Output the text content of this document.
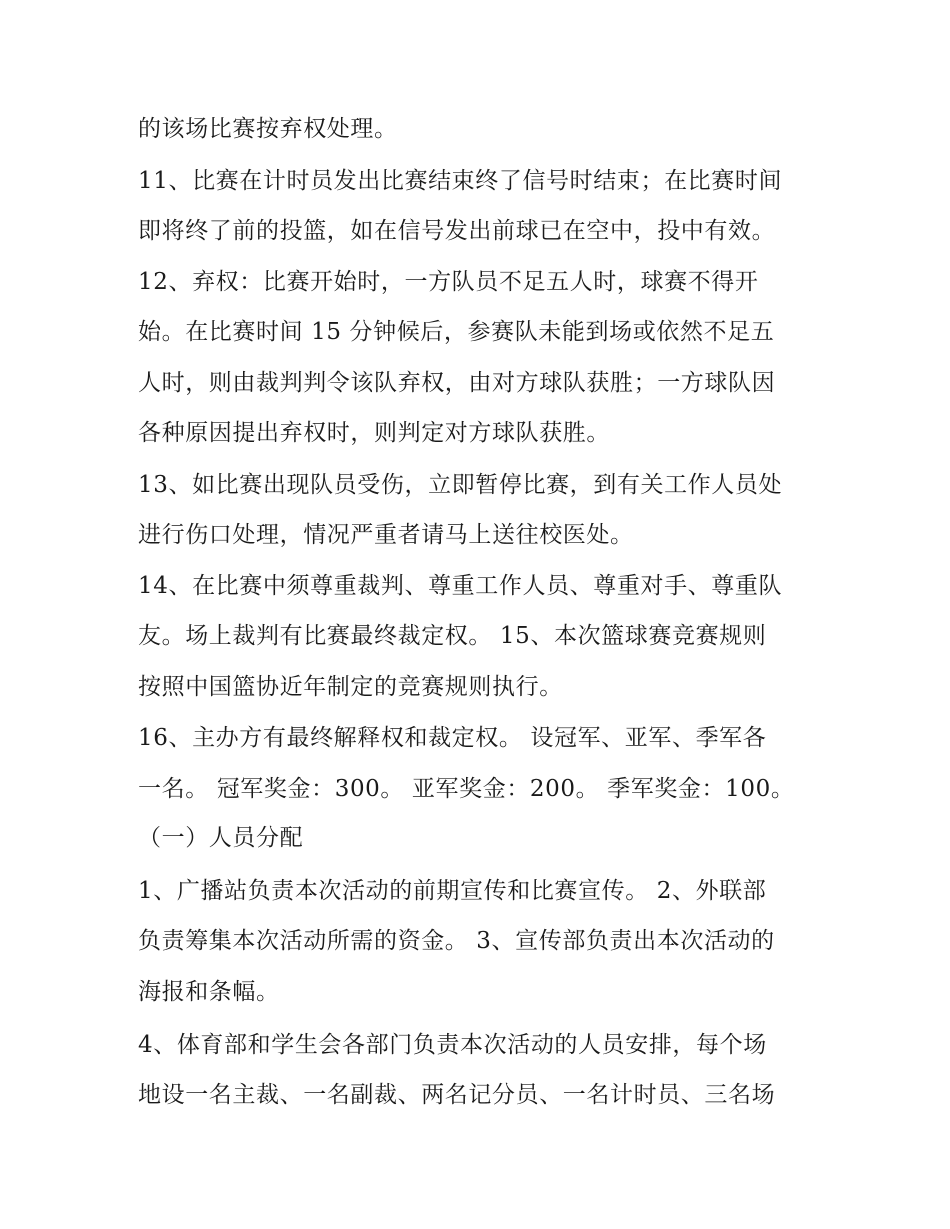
的该场比赛按弃权处理。
11、比赛在计时员发出比赛结束终了信号时结束；在比赛时间
即将终了前的投篮，如在信号发出前球已在空中，投中有效。
12、弃权：比赛开始时，一方队员不足五人时，球赛不得开
始。在比赛时间 15 分钟候后，参赛队未能到场或依然不足五
人时，则由裁判判令该队弃权，由对方球队获胜；一方球队因
各种原因提出弃权时，则判定对方球队获胜。
13、如比赛出现队员受伤，立即暂停比赛，到有关工作人员处
进行伤口处理，情况严重者请马上送往校医处。
14、在比赛中须尊重裁判、尊重工作人员、尊重对手、尊重队
友。场上裁判有比赛最终裁定权。 15、本次篮球赛竞赛规则
按照中国篮协近年制定的竞赛规则执行。
16、主办方有最终解释权和裁定权。 设冠军、亚军、季军各
一名。 冠军奖金：300。 亚军奖金：200。 季军奖金：100。
（一）人员分配
1、广播站负责本次活动的前期宣传和比赛宣传。 2、外联部
负责筹集本次活动所需的资金。 3、宣传部负责出本次活动的
海报和条幅。
4、体育部和学生会各部门负责本次活动的人员安排，每个场
地设一名主裁、一名副裁、两名记分员、一名计时员、三名场
